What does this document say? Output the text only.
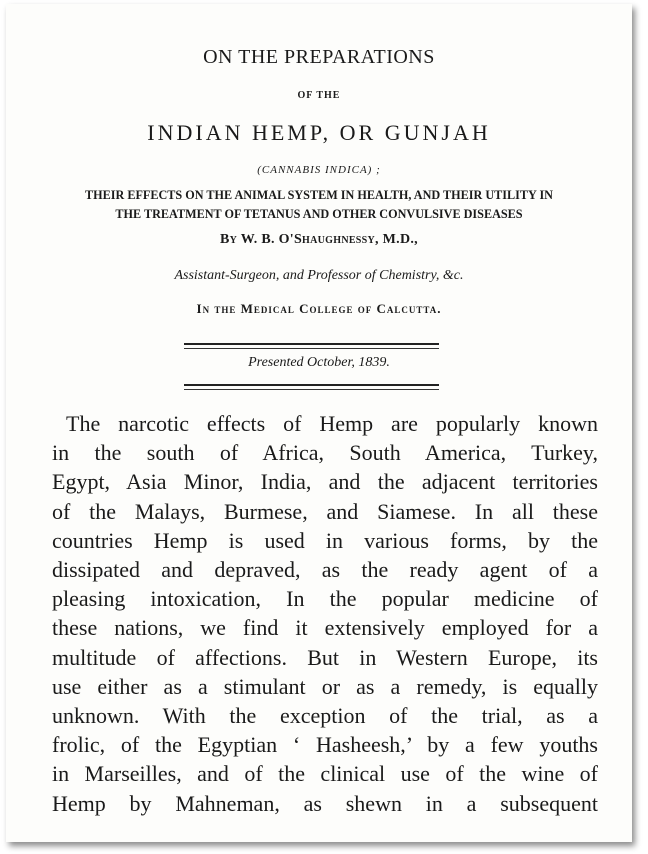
ON THE PREPARATIONS
OF THE
INDIAN HEMP, OR GUNJAH
(CANNABIS INDICA) ;
THEIR EFFECTS ON THE ANIMAL SYSTEM IN HEALTH, AND THEIR UTILITY IN
THE TREATMENT OF TETANUS AND OTHER CONVULSIVE DISEASES
By W. B. O'Shaughnessy, M.D.,
Assistant-Surgeon, and Professor of Chemistry, &c.
In the Medical College of Calcutta.
Presented October, 1839.
The narcotic effects of Hemp are popularly known
in the south of Africa, South America, Turkey,
Egypt, Asia Minor, India, and the adjacent territories
of the Malays, Burmese, and Siamese. In all these
countries Hemp is used in various forms, by the
dissipated and depraved, as the ready agent of a
pleasing intoxication, In the popular medicine of
these nations, we find it extensively employed for a
multitude of affections. But in Western Europe, its
use either as a stimulant or as a remedy, is equally
unknown. With the exception of the trial, as a
frolic, of the Egyptian ‘ Hasheesh,’ by a few youths
in Marseilles, and of the clinical use of the wine of
Hemp by Mahneman, as shewn in a subsequent
